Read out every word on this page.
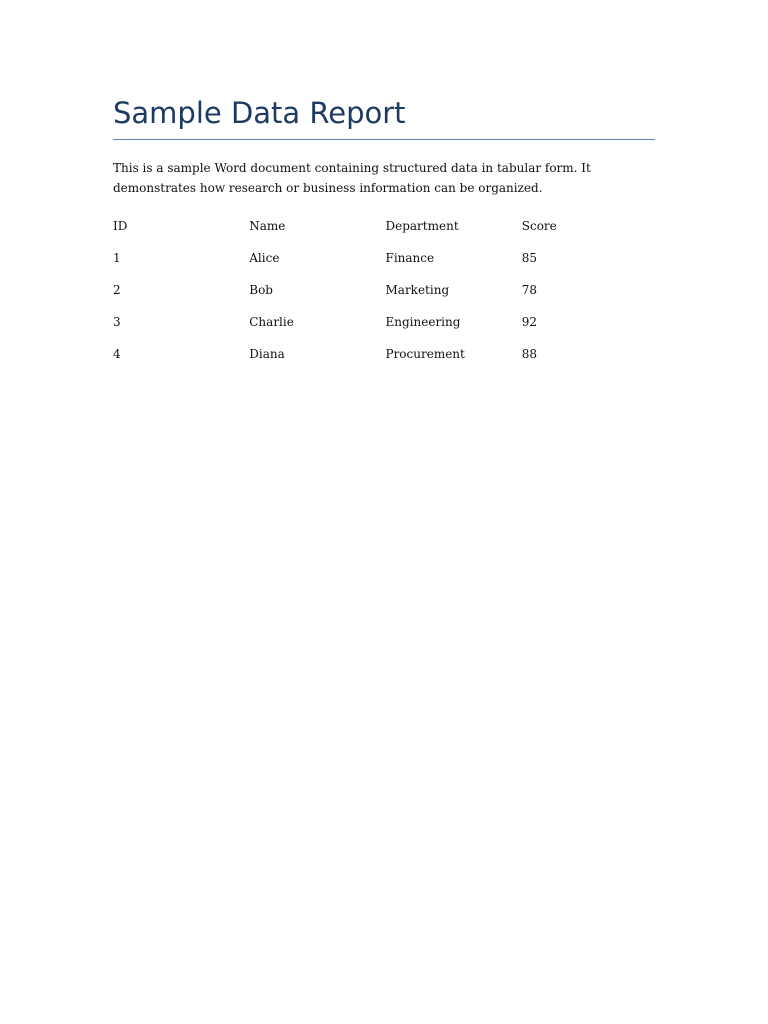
Sample Data Report

This is a sample Word document containing structured data in tabular form. It demonstrates how research or business information can be organized.

ID	Name	Department	Score
1	Alice	Finance	85
2	Bob	Marketing	78
3	Charlie	Engineering	92
4	Diana	Procurement	88
